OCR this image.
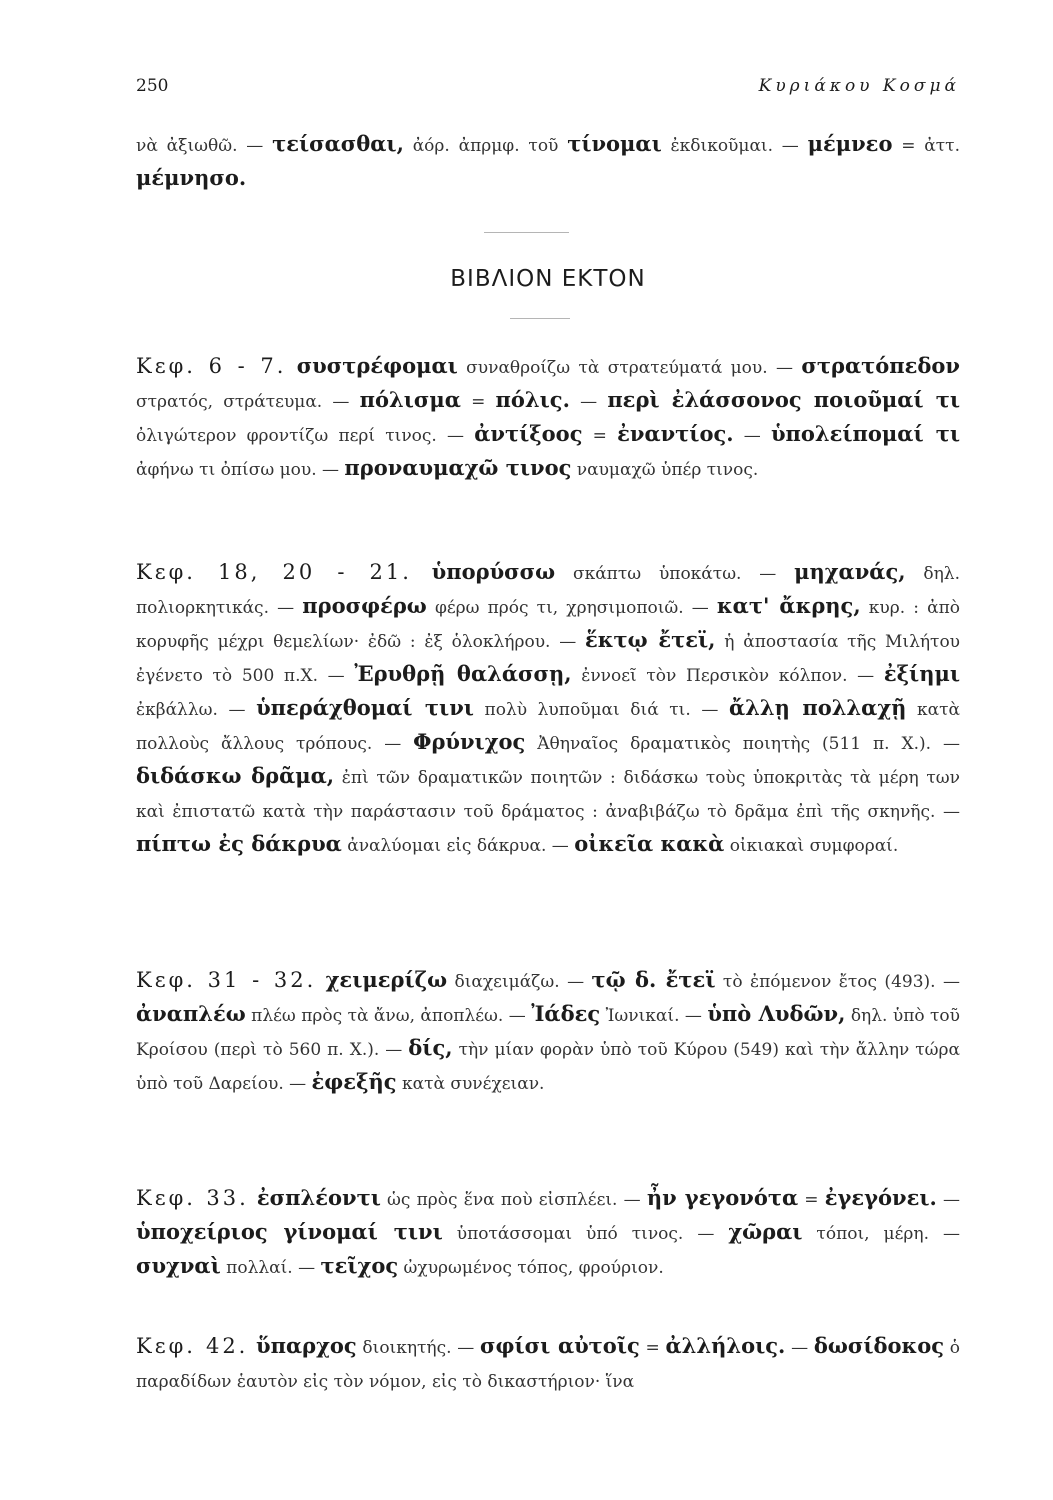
250	Κυριάκου Κοσμά
νὰ ἀξιωθῶ. — τείσασθαι, ἀόρ. ἀπρμφ. τοῦ τίνομαι ἐκδικοῦμαι. — μέμνεο = ἀττ. μέμνησο.
ΒΙΒΛΙΟΝ ΕΚΤΟΝ
Κεφ. 6 - 7. συστρέφομαι συναθροίζω τὰ στρατεύματά μου. — στρατόπεδον στρατός, στράτευμα. — πόλισμα = πόλις. — περὶ ἐλάσσονος ποιοῦμαί τι ὀλιγώτερον φροντίζω περί τινος. — ἀντίξοος = ἐναντίος. — ὑπολείπομαί τι ἀφήνω τι ὀπίσω μου. — προναυμαχῶ τινος ναυμαχῶ ὑπέρ τινος.
Κεφ. 18, 20 - 21. ὑπορύσσω σκάπτω ὑποκάτω. — μηχανάς, δηλ. πολιορκητικάς. — προσφέρω φέρω πρός τι, χρησιμοποιῶ. — κατ' ἄκρης, κυρ. : ἀπὸ κορυφῆς μέχρι θεμελίων· ἐδῶ : ἐξ ὁλοκλήρου. — ἕκτῳ ἔτεϊ, ἡ ἀποστασία τῆς Μιλήτου ἐγένετο τὸ 500 π.Χ. — Ἐρυθρῇ θαλάσσῃ, ἐννοεῖ τὸν Περσικὸν κόλπον. — ἐξίημι ἐκβάλλω. — ὑπεράχθομαί τινι πολὺ λυποῦμαι διά τι. — ἄλλῃ πολλαχῇ κατὰ πολλοὺς ἄλλους τρόπους. — Φρύνιχος Ἀθηναῖος δραματικὸς ποιητὴς (511 π. Χ.). — διδάσκω δρᾶμα, ἐπὶ τῶν δραματικῶν ποιητῶν : διδάσκω τοὺς ὑποκριτὰς τὰ μέρη των καὶ ἐπιστατῶ κατὰ τὴν παράστασιν τοῦ δράματος : ἀναβιβάζω τὸ δρᾶμα ἐπὶ τῆς σκηνῆς. — πίπτω ἐς δάκρυα ἀναλύομαι εἰς δάκρυα. — οἰκεῖα κακὰ οἰκιακαὶ συμφοραί.
Κεφ. 31 - 32. χειμερίζω διαχειμάζω. — τῷ δ. ἔτεϊ τὸ ἐπόμενον ἔτος (493). — ἀναπλέω πλέω πρὸς τὰ ἄνω, ἀποπλέω. — Ἰάδες Ἰωνικαί. — ὑπὸ Λυδῶν, δηλ. ὑπὸ τοῦ Κροίσου (περὶ τὸ 560 π. Χ.). — δίς, τὴν μίαν φορὰν ὑπὸ τοῦ Κύρου (549) καὶ τὴν ἄλλην τώρα ὑπὸ τοῦ Δαρείου. — ἐφεξῆς κατὰ συνέχειαν.
Κεφ. 33. ἐσπλέοντι ὡς πρὸς ἕνα ποὺ εἰσπλέει. — ἦν γεγονότα = ἐγεγόνει. — ὑποχείριος γίνομαί τινι ὑποτάσσομαι ὑπό τινος. — χῶραι τόποι, μέρη. — συχναὶ πολλαί. — τεῖχος ὠχυρωμένος τόπος, φρούριον.
Κεφ. 42. ὕπαρχος διοικητής. — σφίσι αὐτοῖς = ἀλλήλοις. — δωσίδοκος ὁ παραδίδων ἑαυτὸν εἰς τὸν νόμον, εἰς τὸ δικαστήριον· ἵνα
